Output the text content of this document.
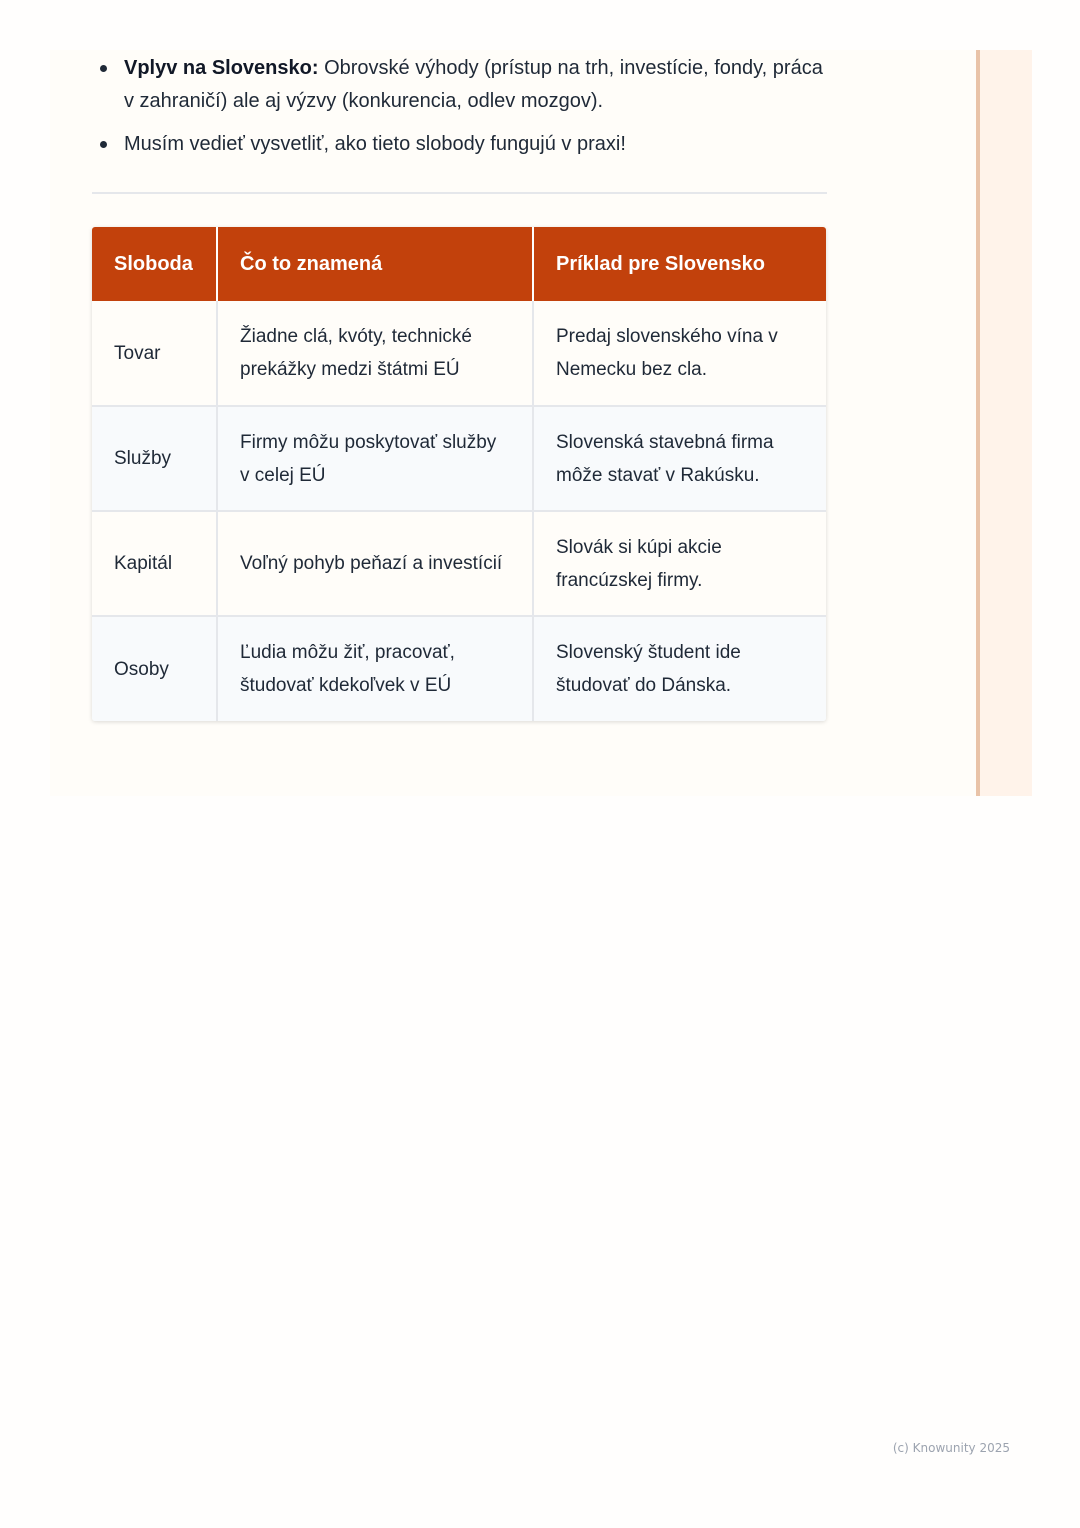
Vplyv na Slovensko: Obrovské výhody (prístup na trh, investície, fondy, práca v zahraničí) ale aj výzvy (konkurencia, odlev mozgov).
Musím vedieť vysvetliť, ako tieto slobody fungujú v praxi!
Sloboda	Čo to znamená	Príklad pre Slovensko
Tovar	Žiadne clá, kvóty, technické prekážky medzi štátmi EÚ	Predaj slovenského vína v Nemecku bez cla.
Služby	Firmy môžu poskytovať služby v celej EÚ	Slovenská stavebná firma môže stavať v Rakúsku.
Kapitál	Voľný pohyb peňazí a investícií	Slovák si kúpi akcie francúzskej firmy.
Osoby	Ľudia môžu žiť, pracovať, študovať kdekoľvek v EÚ	Slovenský študent ide študovať do Dánska.
(c) Knowunity 2025
